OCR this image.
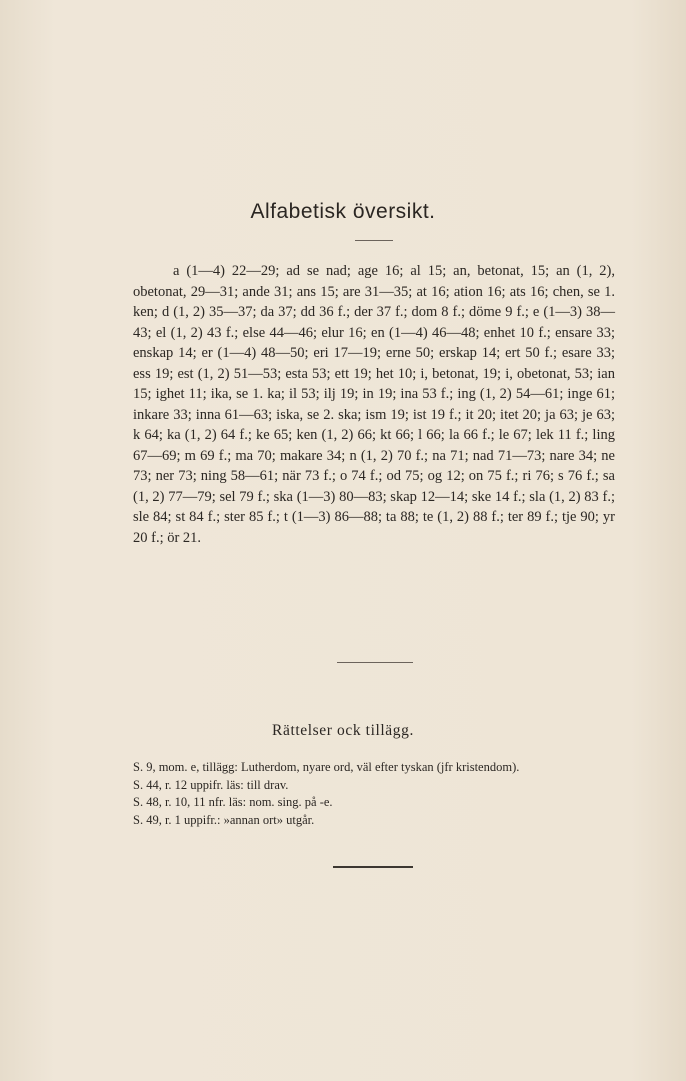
Alfabetisk översikt.

a (1—4) 22—29; ad se nad; age 16; al 15; an, betonat, 15; an (1, 2), obetonat, 29—31; ande 31; ans 15; are 31—35; at 16; ation 16; ats 16; chen, se 1. ken; d (1, 2) 35—37; da 37; dd 36 f.; der 37 f.; dom 8 f.; döme 9 f.; e (1—3) 38—43; el (1, 2) 43 f.; else 44—46; elur 16; en (1—4) 46—48; enhet 10 f.; ensare 33; enskap 14; er (1—4) 48—50; eri 17—19; erne 50; erskap 14; ert 50 f.; esare 33; ess 19; est (1, 2) 51—53; esta 53; ett 19; het 10; i, betonat, 19; i, obetonat, 53; ian 15; ighet 11; ika, se 1. ka; il 53; ilj 19; in 19; ina 53 f.; ing (1, 2) 54—61; inge 61; inkare 33; inna 61—63; iska, se 2. ska; ism 19; ist 19 f.; it 20; itet 20; ja 63; je 63; k 64; ka (1, 2) 64 f.; ke 65; ken (1, 2) 66; kt 66; l 66; la 66 f.; le 67; lek 11 f.; ling 67—69; m 69 f.; ma 70; makare 34; n (1, 2) 70 f.; na 71; nad 71—73; nare 34; ne 73; ner 73; ning 58—61; när 73 f.; o 74 f.; od 75; og 12; on 75 f.; ri 76; s 76 f.; sa (1, 2) 77—79; sel 79 f.; ska (1—3) 80—83; skap 12—14; ske 14 f.; sla (1, 2) 83 f.; sle 84; st 84 f.; ster 85 f.; t (1—3) 86—88; ta 88; te (1, 2) 88 f.; ter 89 f.; tje 90; yr 20 f.; ör 21.

Rättelser ock tillägg.
S. 9, mom. e, tillägg: Lutherdom, nyare ord, väl efter tyskan (jfr kristendom).
S. 44, r. 12 uppifr. läs: till drav.
S. 48, r. 10, 11 nfr. läs: nom. sing. på -e.
S. 49, r. 1 uppifr.: »annan ort» utgår.
